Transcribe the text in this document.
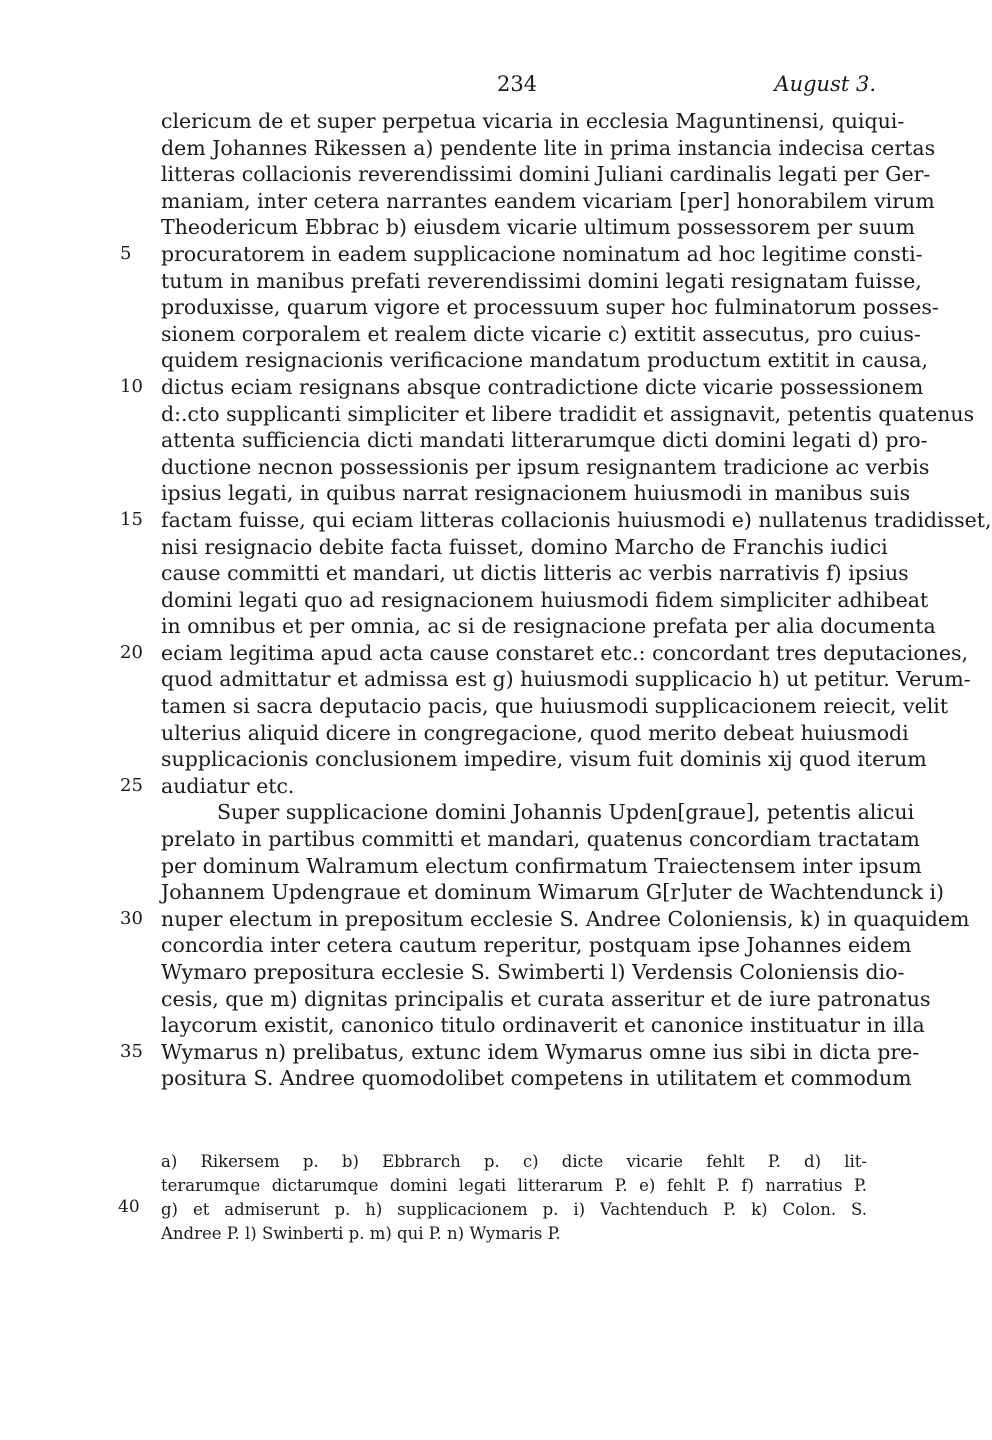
234	August 3.
clericum de et super perpetua vicaria in ecclesia Maguntinensi, quiqui-
dem Johannes Rikessen a) pendente lite in prima instancia indecisa certas
litteras collacionis reverendissimi domini Juliani cardinalis legati per Ger-
maniam, inter cetera narrantes eandem vicariam [per] honorabilem virum
Theodericum Ebbrac b) eiusdem vicarie ultimum possessorem per suum
procuratorem in eadem supplicacione nominatum ad hoc legitime consti-
tutum in manibus prefati reverendissimi domini legati resignatam fuisse,
produxisse, quarum vigore et processuum super hoc fulminatorum posses-
sionem corporalem et realem dicte vicarie c) extitit assecutus, pro cuius-
quidem resignacionis verificacione mandatum productum extitit in causa,
dictus eciam resignans absque contradictione dicte vicarie possessionem
d:.cto supplicanti simpliciter et libere tradidit et assignavit, petentis quatenus
attenta sufficiencia dicti mandati litterarumque dicti domini legati d) pro-
ductione necnon possessionis per ipsum resignantem tradicione ac verbis
ipsius legati, in quibus narrat resignacionem huiusmodi in manibus suis
factam fuisse, qui eciam litteras collacionis huiusmodi e) nullatenus tradidisset,
nisi resignacio debite facta fuisset, domino Marcho de Franchis iudici
cause committi et mandari, ut dictis litteris ac verbis narrativis f) ipsius
domini legati quo ad resignacionem huiusmodi fidem simpliciter adhibeat
in omnibus et per omnia, ac si de resignacione prefata per alia documenta
eciam legitima apud acta cause constaret etc.: concordant tres deputaciones,
quod admittatur et admissa est g) huiusmodi supplicacio h) ut petitur. Verum-
tamen si sacra deputacio pacis, que huiusmodi supplicacionem reiecit, velit
ulterius aliquid dicere in congregacione, quod merito debeat huiusmodi
supplicacionis conclusionem impedire, visum fuit dominis xij quod iterum
audiatur etc.
Super supplicacione domini Johannis Upden[graue], petentis alicui
prelato in partibus committi et mandari, quatenus concordiam tractatam
per dominum Walramum electum confirmatum Traiectensem inter ipsum
Johannem Updengraue et dominum Wimarum G[r]uter de Wachtendunck i)
nuper electum in prepositum ecclesie S. Andree Coloniensis, k) in quaquidem
concordia inter cetera cautum reperitur, postquam ipse Johannes eidem
Wymaro prepositura ecclesie S. Swimberti l) Verdensis Coloniensis dio-
cesis, que m) dignitas principalis et curata asseritur et de iure patronatus
laycorum existit, canonico titulo ordinaverit et canonice instituatur in illa
Wymarus n) prelibatus, extunc idem Wymarus omne ius sibi in dicta pre-
positura S. Andree quomodolibet competens in utilitatem et commodum
5
10
15
20
25
30
35
a) Rikersem p. b) Ebbrarch p. c) dicte vicarie fehlt P. d) lit-
terarumque dictarumque domini legati litterarum P. e) fehlt P. f) narratius P.
g) et admiserunt p. h) supplicacionem p. i) Vachtenduch P. k) Colon. S.
Andree P. l) Swinberti p. m) qui P. n) Wymaris P.
40
